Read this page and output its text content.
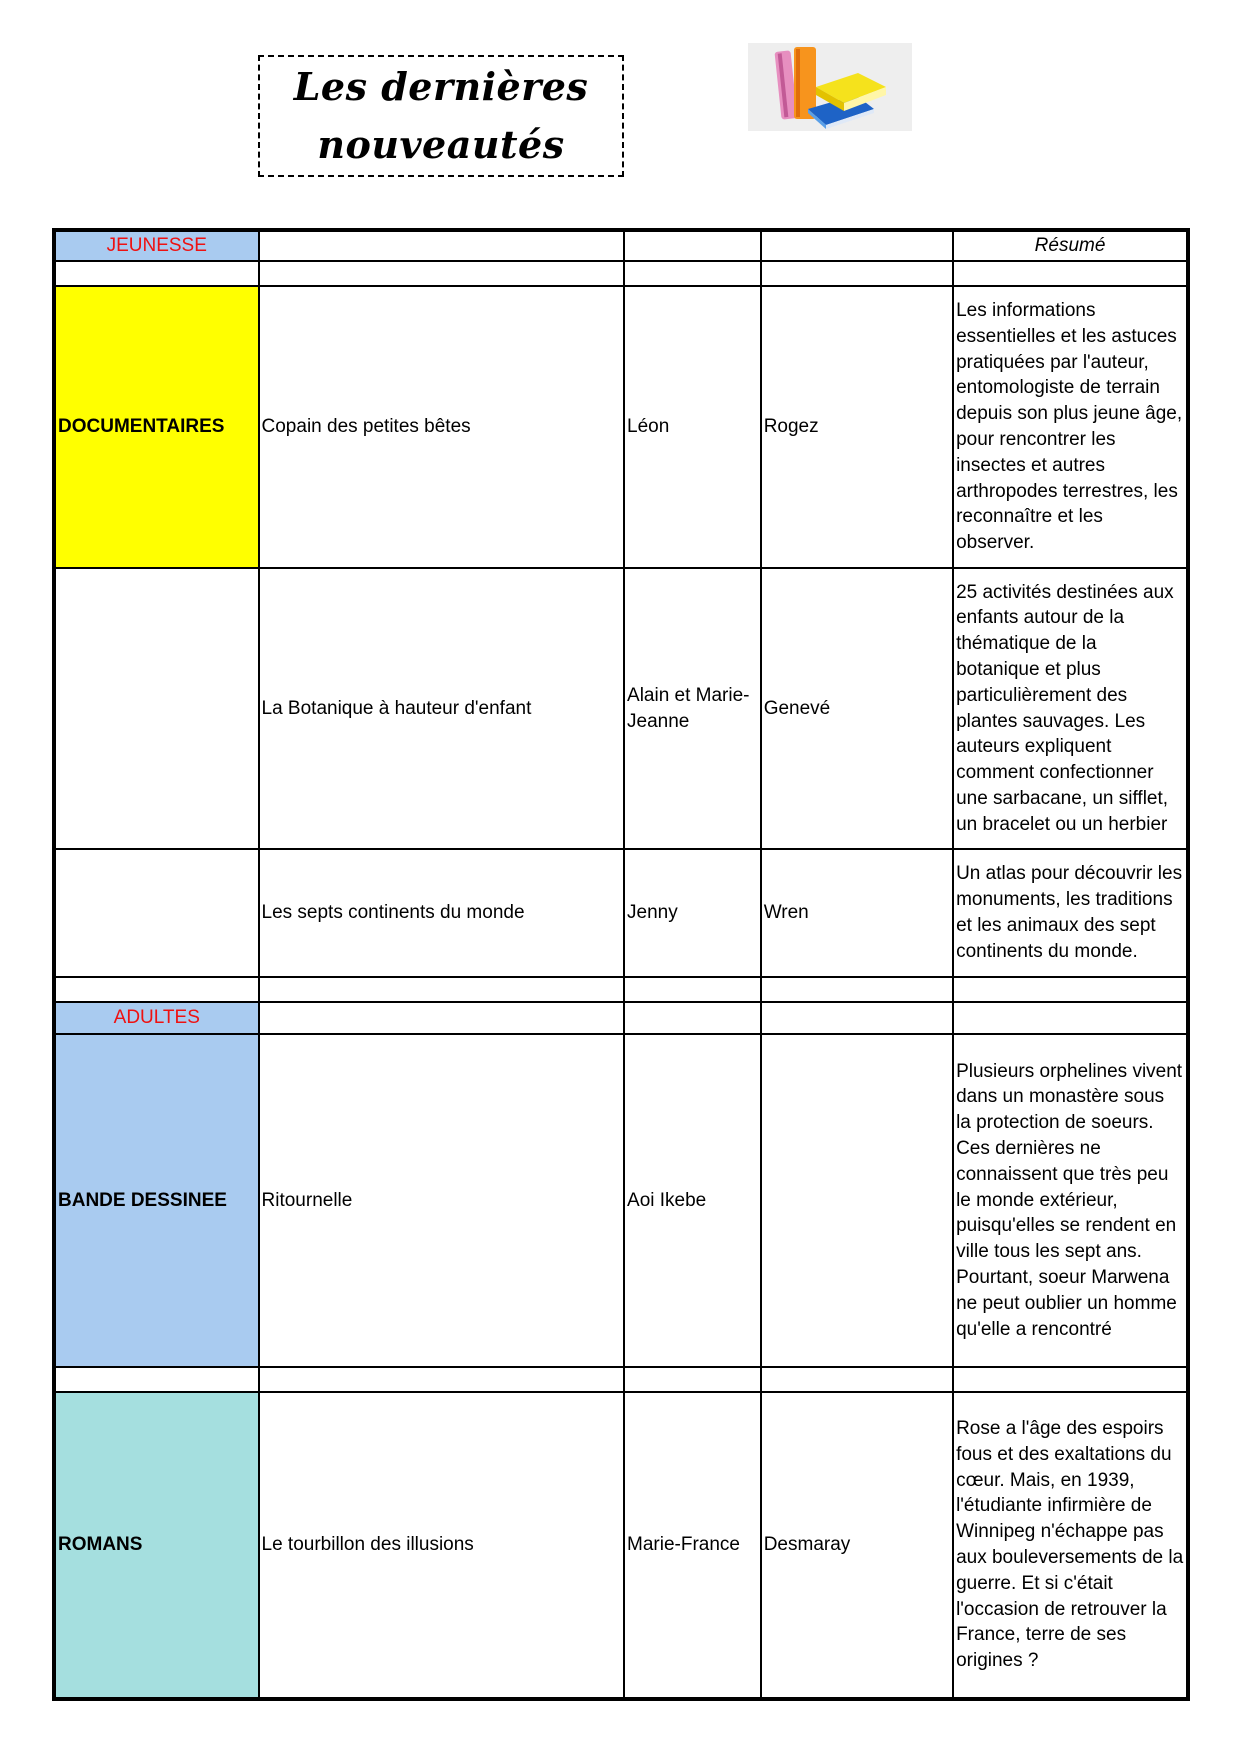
Les dernières
nouveautés
JEUNESSE				Résumé

DOCUMENTAIRES	Copain des petites bêtes	Léon	Rogez	Les informations essentielles et les astuces pratiquées par l'auteur, entomologiste de terrain depuis son plus jeune âge, pour rencontrer les insectes et autres arthropodes terrestres, les reconnaître et les observer.
	La Botanique à hauteur d'enfant	Alain et Marie-Jeanne	Genevé	25 activités destinées aux enfants autour de la thématique de la botanique et plus particulièrement des plantes sauvages. Les auteurs expliquent comment confectionner une sarbacane, un sifflet, un bracelet ou un herbier
	Les septs continents du monde	Jenny	Wren	Un atlas pour découvrir les monuments, les traditions et les animaux des sept continents du monde.

ADULTES				
BANDE DESSINEE	Ritournelle	Aoi Ikebe		Plusieurs orphelines vivent dans un monastère sous la protection de soeurs. Ces dernières ne connaissent que très peu le monde extérieur, puisqu'elles se rendent en ville tous les sept ans. Pourtant, soeur Marwena ne peut oublier un homme qu'elle a rencontré

ROMANS	Le tourbillon des illusions	Marie-France	Desmaray	Rose a l'âge des espoirs fous et des exaltations du cœur. Mais, en 1939, l'étudiante infirmière de Winnipeg n'échappe pas aux bouleversements de la guerre. Et si c'était l'occasion de retrouver la France, terre de ses origines ?
